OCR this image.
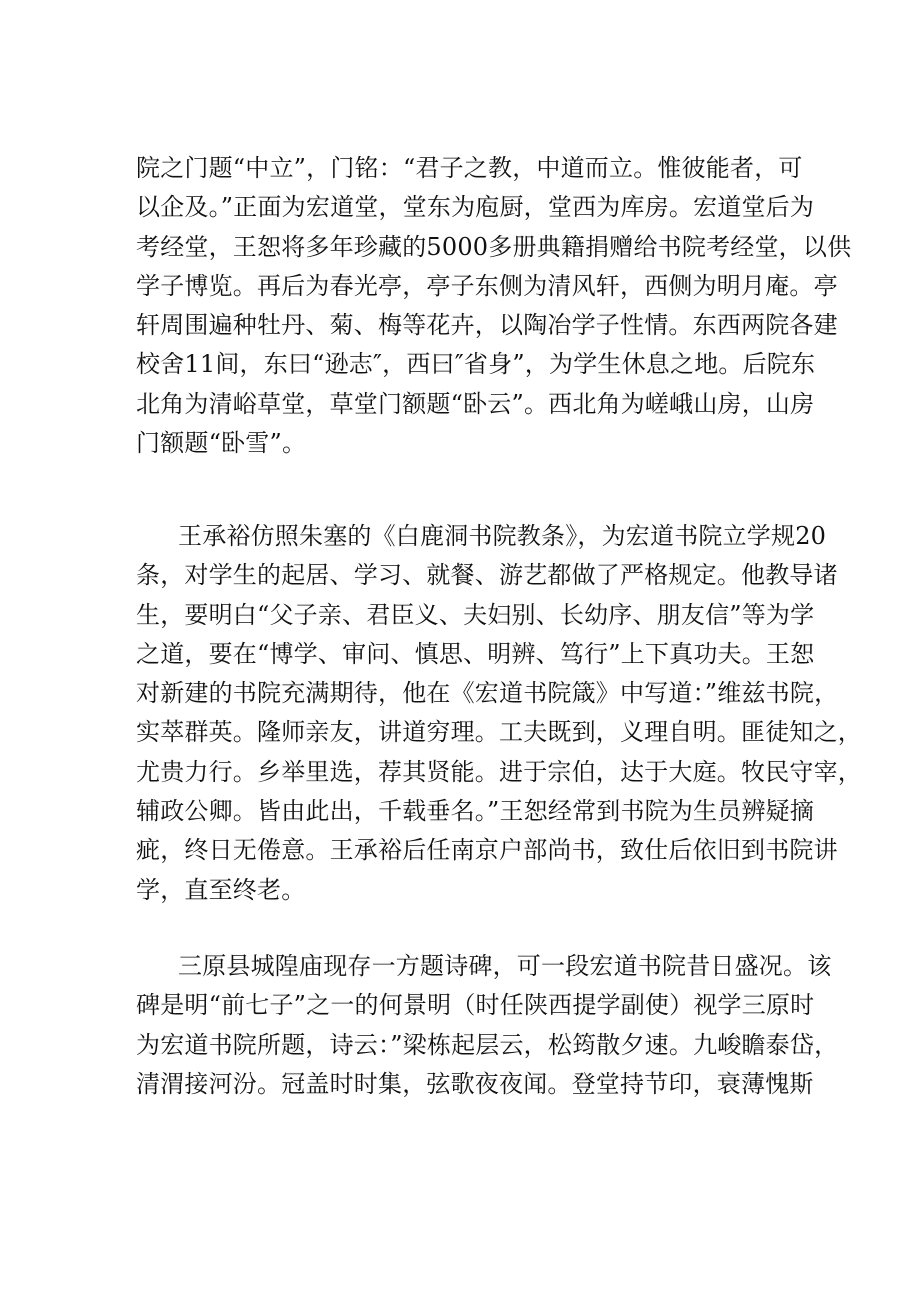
院之门题“中立”，门铭：“君子之教，中道而立。惟彼能者，可
以企及。”正面为宏道堂，堂东为庖厨，堂西为库房。宏道堂后为
考经堂，王恕将多年珍藏的5000多册典籍捐赠给书院考经堂，以供
学子博览。再后为春光亭，亭子东侧为清风轩，西侧为明月庵。亭
轩周围遍种牡丹、菊、梅等花卉，以陶冶学子性情。东西两院各建
校舍11间，东曰“逊志″，西曰″省身”，为学生休息之地。后院东
北角为清峪草堂，草堂门额题“卧云”。西北角为嵯峨山房，山房
门额题“卧雪”。
王承裕仿照朱塞的《白鹿洞书院教条》，为宏道书院立学规20
条，对学生的起居、学习、就餐、游艺都做了严格规定。他教导诸
生，要明白“父子亲、君臣义、夫妇别、长幼序、朋友信”等为学
之道，要在“博学、审问、慎思、明辨、笃行”上下真功夫。王恕
对新建的书院充满期待，他在《宏道书院箴》中写道：”维兹书院，
实萃群英。隆师亲友，讲道穷理。工夫既到，义理自明。匪徒知之，
尤贵力行。乡举里选，荐其贤能。进于宗伯，达于大庭。牧民守宰，
辅政公卿。皆由此出，千载垂名。”王恕经常到书院为生员辨疑摘
疵，终日无倦意。王承裕后任南京户部尚书，致仕后依旧到书院讲
学，直至终老。
三原县城隍庙现存一方题诗碑，可一段宏道书院昔日盛况。该
碑是明“前七子”之一的何景明（时任陕西提学副使）视学三原时
为宏道书院所题，诗云：”梁栋起层云，松筠散夕速。九峻瞻泰岱，
清渭接河汾。冠盖时时集，弦歌夜夜闻。登堂持节印，衰薄愧斯
